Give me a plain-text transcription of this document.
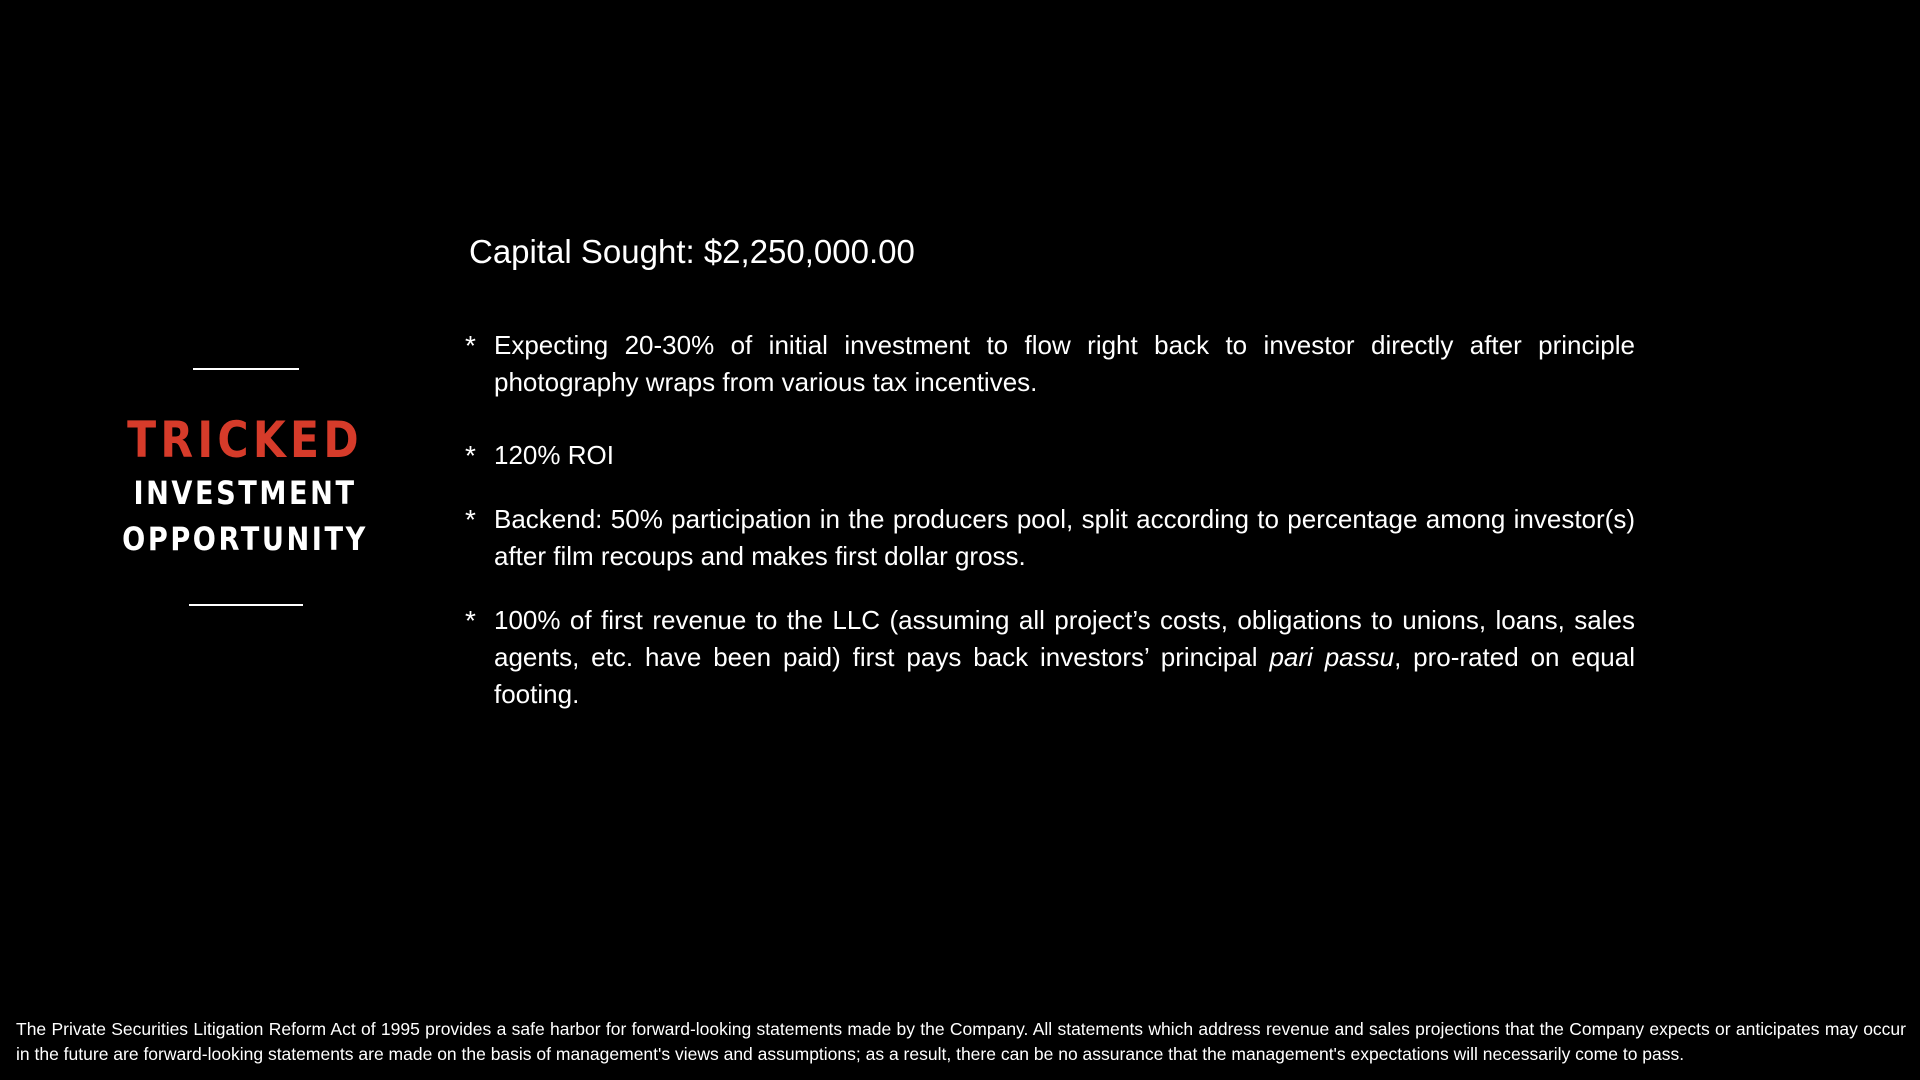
TRICKED
INVESTMENT
OPPORTUNITY
Capital Sought: $2,250,000.00
* Expecting 20-30% of initial investment to flow right back to investor directly after principle photography wraps from various tax incentives.
* 120% ROI
* Backend: 50% participation in the producers pool, split according to percentage among investor(s) after film recoups and makes first dollar gross.
* 100% of first revenue to the LLC (assuming all project’s costs, obligations to unions, loans, sales agents, etc. have been paid) first pays back investors’ principal pari passu, pro-rated on equal footing.

The Private Securities Litigation Reform Act of 1995 provides a safe harbor for forward-looking statements made by the Company. All statements which address revenue and sales projections that the Company expects or anticipates may occur in the future are forward-looking statements are made on the basis of management's views and assumptions; as a result, there can be no assurance that the management's expectations will necessarily come to pass.
